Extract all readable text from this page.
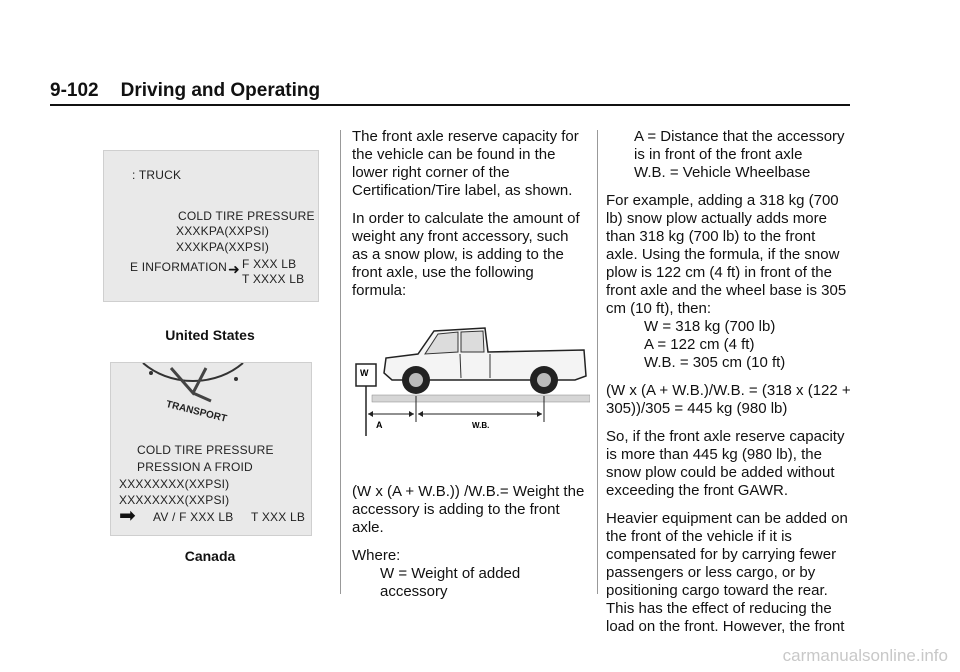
9-102 Driving and Operating
: TRUCK
COLD TIRE PRESSURE
XXXKPA(XXPSI)
XXXKPA(XXPSI)
E INFORMATION ➜ F XXX LB
T XXXX LB
United States
TRANSPORT
COLD TIRE PRESSURE
PRESSION A FROID
XXXXXXXX(XXPSI)
XXXXXXXX(XXPSI)
➡ AV / F XXX LB T XXX LB
Canada

The front axle reserve capacity for the vehicle can be found in the lower right corner of the Certification/Tire label, as shown.

In order to calculate the amount of weight any front accessory, such as a snow plow, is adding to the front axle, use the following formula:

W
A	W.B.

(W x (A + W.B.)) /W.B.= Weight the accessory is adding to the front axle.

Where:

W = Weight of added accessory
A = Distance that the accessory is in front of the front axle
W.B. = Vehicle Wheelbase

For example, adding a 318 kg (700 lb) snow plow actually adds more than 318 kg (700 lb) to the front axle. Using the formula, if the snow plow is 122 cm (4 ft) in front of the front axle and the wheel base is 305 cm (10 ft), then:

W = 318 kg (700 lb)
A = 122 cm (4 ft)
W.B. = 305 cm (10 ft)

(W x (A + W.B.)/W.B. = (318 x (122 + 305))/305 = 445 kg (980 lb)

So, if the front axle reserve capacity is more than 445 kg (980 lb), the snow plow could be added without exceeding the front GAWR.

Heavier equipment can be added on the front of the vehicle if it is compensated for by carrying fewer passengers or less cargo, or by positioning cargo toward the rear. This has the effect of reducing the load on the front. However, the front

carmanualsonline.info
